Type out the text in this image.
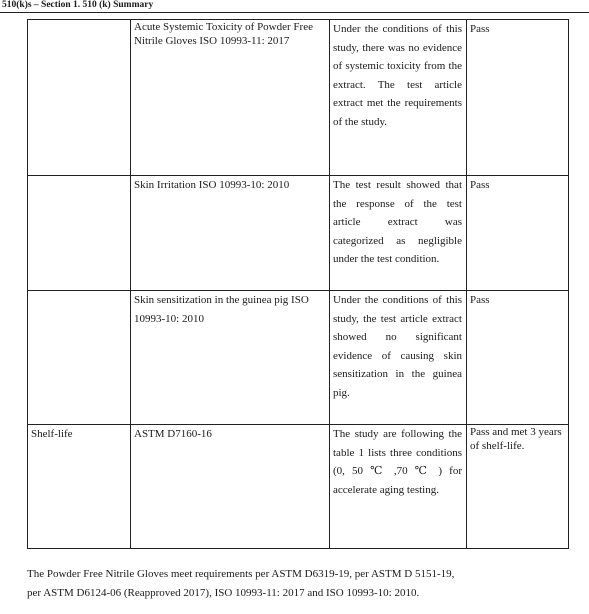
510(k)s – Section 1. 510 (k) Summary

	Acute Systemic Toxicity of Powder Free Nitrile Gloves ISO 10993-11: 2017	Under the conditions of this study, there was no evidence of systemic toxicity from the extract. The test article extract met the requirements of the study.	Pass
	Skin Irritation ISO 10993-10: 2010	The test result showed that the response of the test article extract was categorized as negligible under the test condition.	Pass
	Skin sensitization in the guinea pig ISO 10993-10: 2010	Under the conditions of this study, the test article extract showed no significant evidence of causing skin sensitization in the guinea pig.	Pass
Shelf-life	ASTM D7160-16	The study are following the table 1 lists three conditions (0, 50 ℃ ,70 ℃ ) for accelerate aging testing.	Pass and met 3 years of shelf-life.
The Powder Free Nitrile Gloves meet requirements per ASTM D6319-19, per ASTM D 5151-19,
per ASTM D6124-06 (Reapproved 2017), ISO 10993-11: 2017 and ISO 10993-10: 2010.
